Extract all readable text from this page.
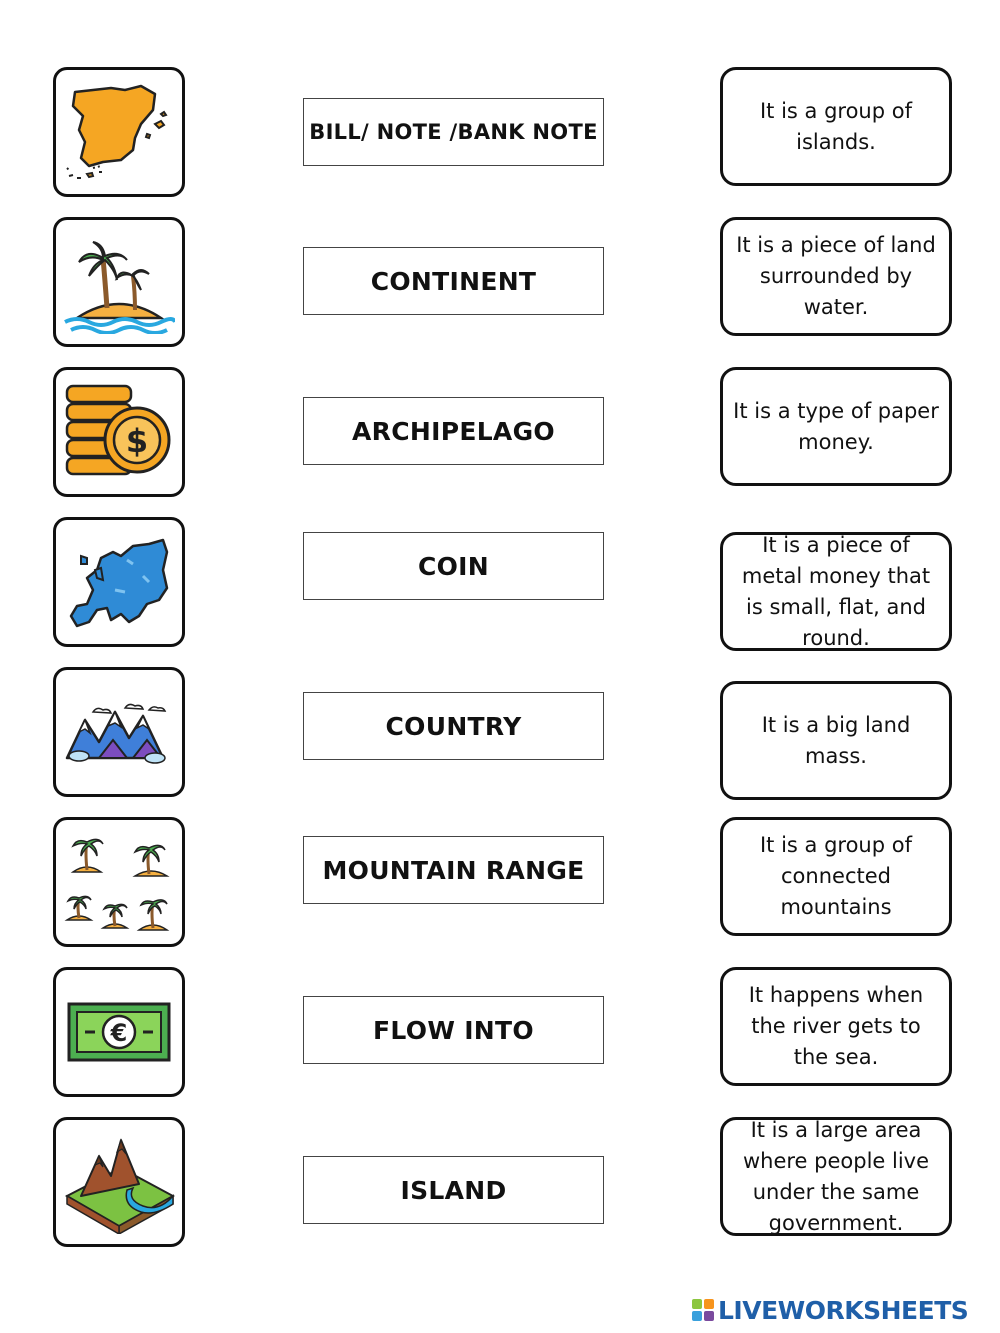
$
€
BILL/ NOTE /BANK NOTE
CONTINENT
ARCHIPELAGO
COIN
COUNTRY
MOUNTAIN RANGE
FLOW INTO
ISLAND
It is a group of islands.
It is a piece of land surrounded by water.
It is a type of paper money.
It is a piece of metal money that is small, flat, and round.
It is a big land mass.
It is a group of connected mountains
It happens when the river gets to the sea.
It is a large area where people live under the same government.
LIVEWORKSHEETS
